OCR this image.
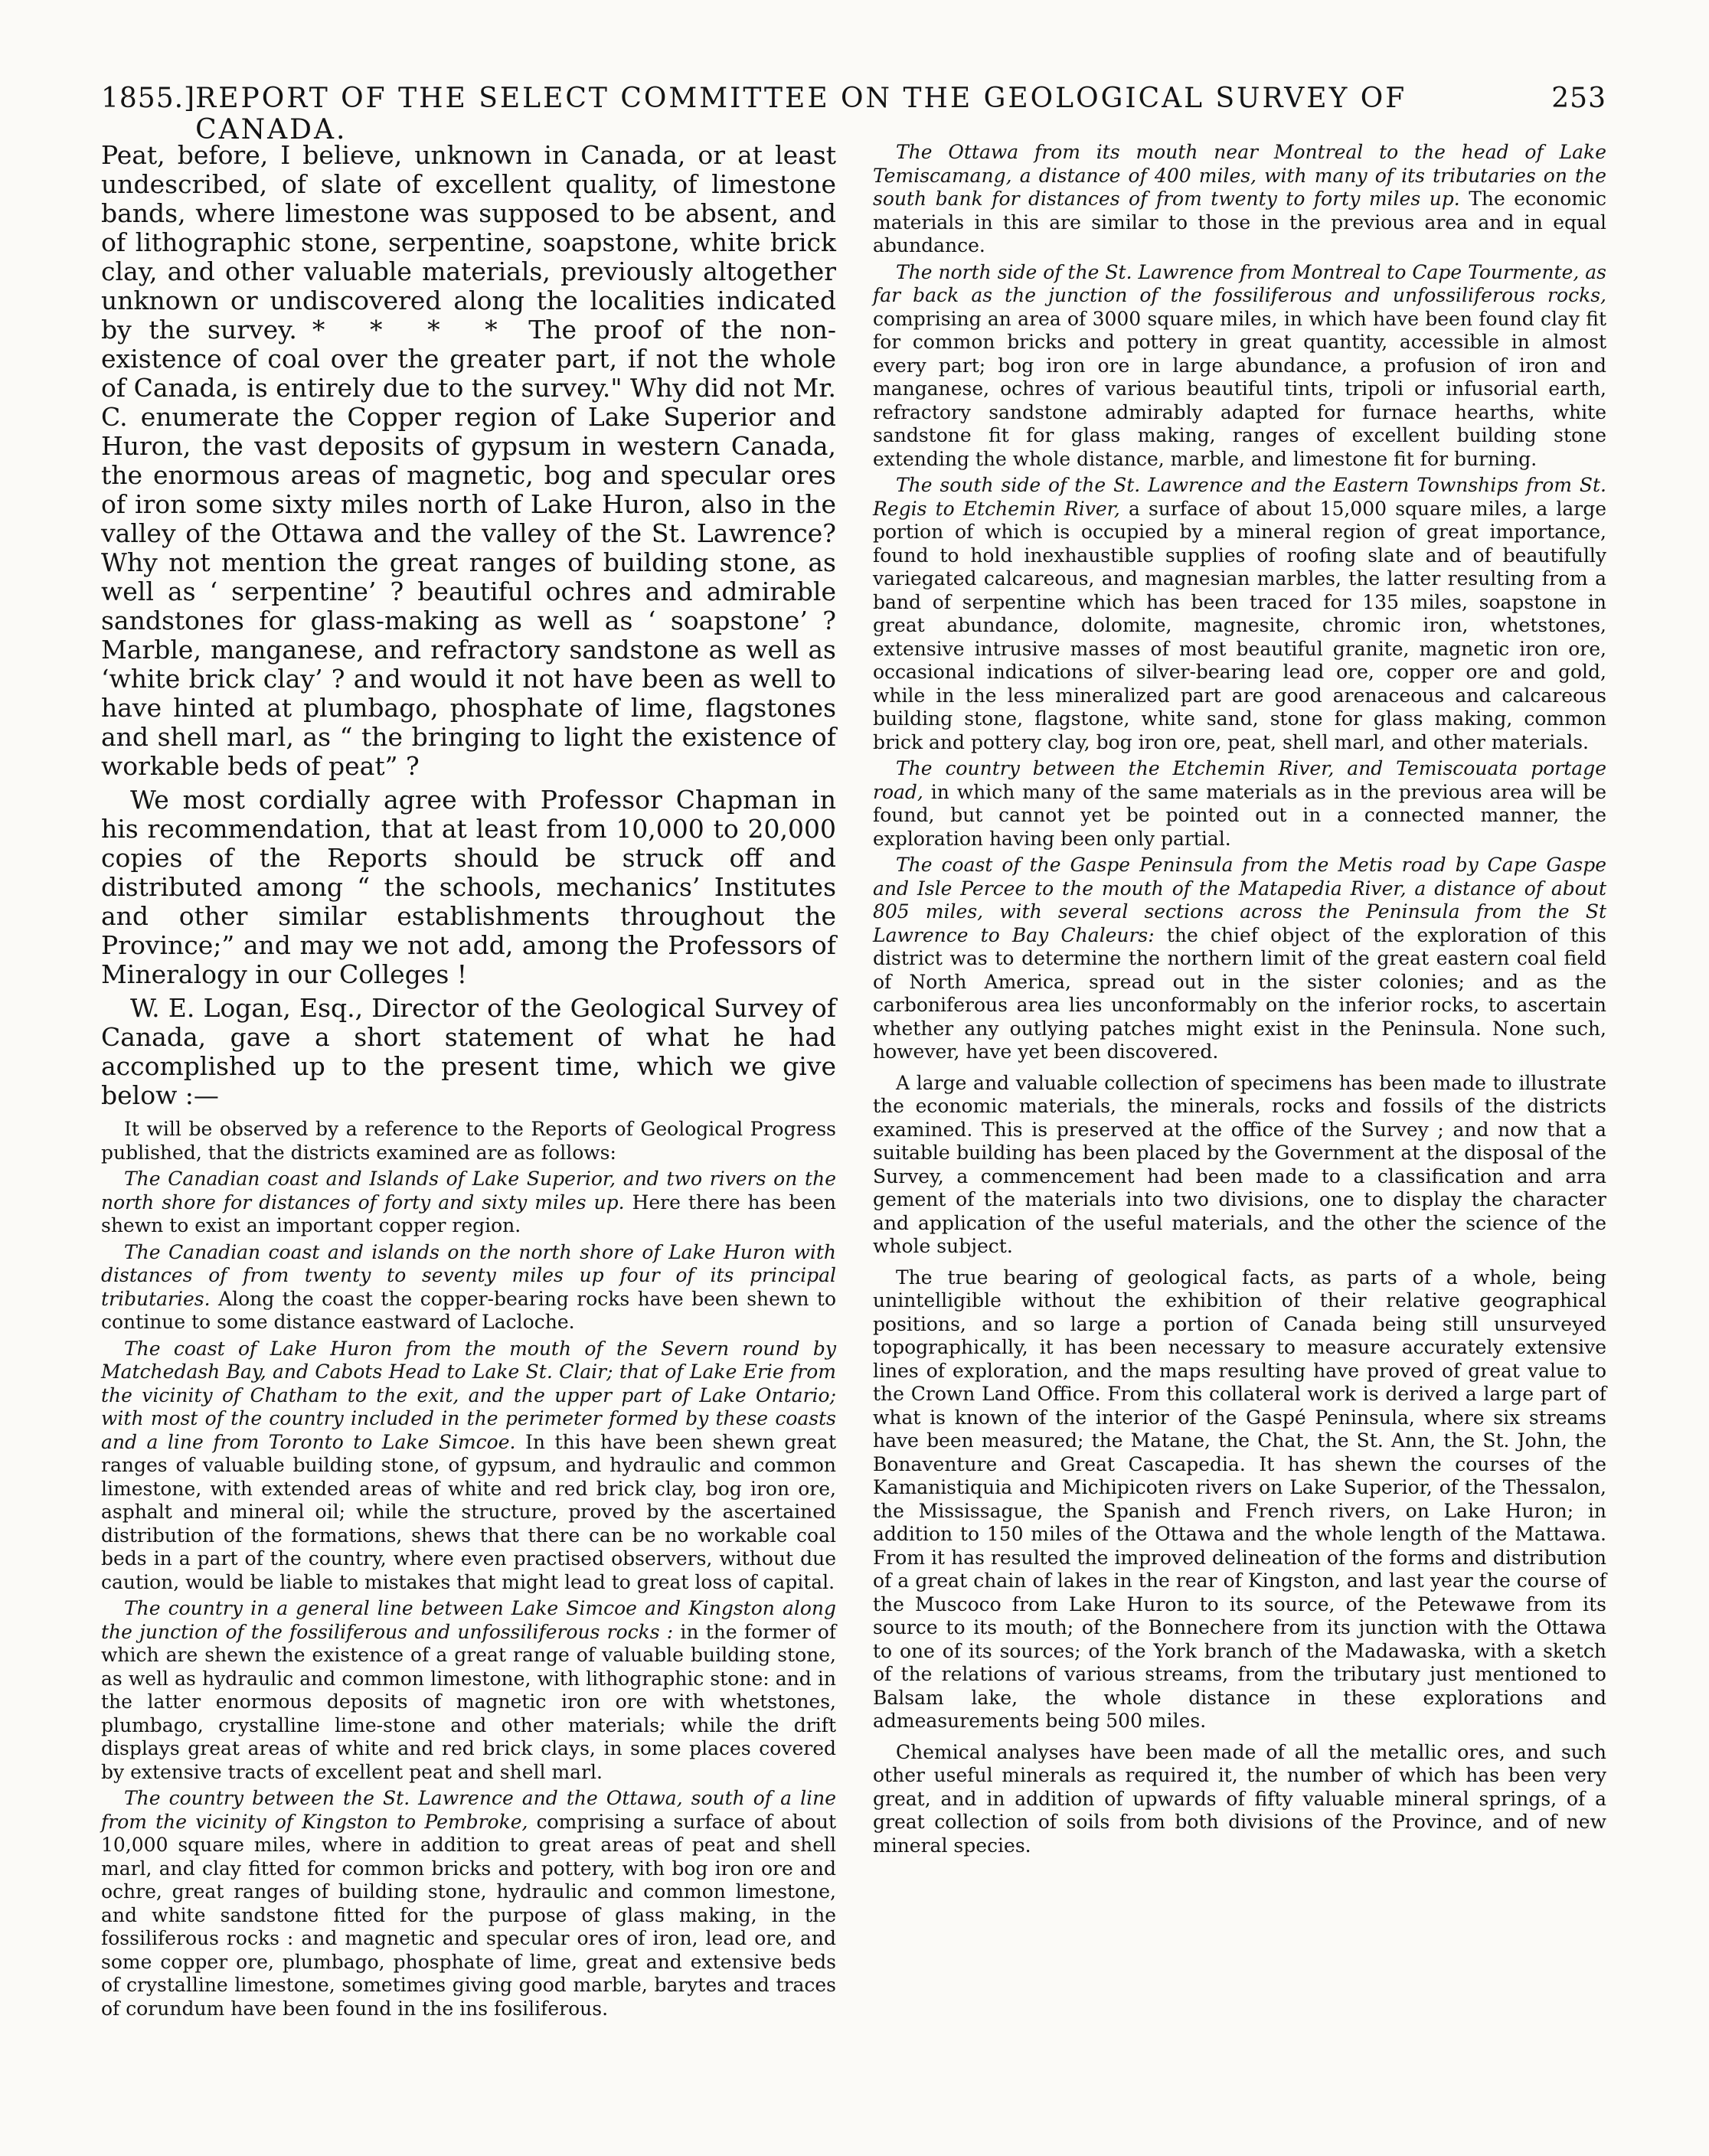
1855.] REPORT OF THE SELECT COMMITTEE ON THE GEOLOGICAL SURVEY OF CANADA.
253

Peat, before, I believe, unknown in Canada, or at least undescribed, of slate of excellent quality, of limestone bands, where limestone was supposed to be absent, and of lithographic stone, serpentine, soapstone, white brick clay, and other valuable materials, previously altogether unknown or undiscovered along the localities indicated by the survey. * * * * The proof of the non-existence of coal over the greater part, if not the whole of Canada, is entirely due to the survey." Why did not Mr. C. enumerate the Copper region of Lake Superior and Huron, the vast deposits of gypsum in western Canada, the enormous areas of magnetic, bog and specular ores of iron some sixty miles north of Lake Huron, also in the valley of the Ottawa and the valley of the St. Lawrence? Why not mention the great ranges of building stone, as well as ‘ serpentine’ ? beautiful ochres and admirable sandstones for glass-making as well as ‘ soapstone’ ? Marble, manganese, and refractory sandstone as well as ‘white brick clay’ ? and would it not have been as well to have hinted at plumbago, phosphate of lime, flagstones and shell marl, as “ the bringing to light the existence of workable beds of peat” ?

We most cordially agree with Professor Chapman in his recommendation, that at least from 10,000 to 20,000 copies of the Reports should be struck off and distributed among “ the schools, mechanics’ Institutes and other similar establishments throughout the Province;” and may we not add, among the Professors of Mineralogy in our Colleges !

W. E. Logan, Esq., Director of the Geological Survey of Canada, gave a short statement of what he had accomplished up to the present time, which we give below :—

It will be observed by a reference to the Reports of Geological Progress published, that the districts examined are as follows:

The Canadian coast and Islands of Lake Superior, and two rivers on the north shore for distances of forty and sixty miles up. Here there has been shewn to exist an important copper region.

The Canadian coast and islands on the north shore of Lake Huron with distances of from twenty to seventy miles up four of its principal tributaries. Along the coast the copper-bearing rocks have been shewn to continue to some distance eastward of Lacloche.

The coast of Lake Huron from the mouth of the Severn round by Matchedash Bay, and Cabots Head to Lake St. Clair; that of Lake Erie from the vicinity of Chatham to the exit, and the upper part of Lake Ontario; with most of the country included in the perimeter formed by these coasts and a line from Toronto to Lake Simcoe. In this have been shewn great ranges of valuable building stone, of gypsum, and hydraulic and common limestone, with extended areas of white and red brick clay, bog iron ore, asphalt and mineral oil; while the structure, proved by the ascertained distribution of the formations, shews that there can be no workable coal beds in a part of the country, where even practised observers, without due caution, would be liable to mistakes that might lead to great loss of capital.

The country in a general line between Lake Simcoe and Kingston along the junction of the fossiliferous and unfossiliferous rocks : in the former of which are shewn the existence of a great range of valuable building stone, as well as hydraulic and common limestone, with lithographic stone: and in the latter enormous deposits of magnetic iron ore with whetstones, plumbago, crystalline lime-stone and other materials; while the drift displays great areas of white and red brick clays, in some places covered by extensive tracts of excellent peat and shell marl.

The country between the St. Lawrence and the Ottawa, south of a line from the vicinity of Kingston to Pembroke, comprising a surface of about 10,000 square miles, where in addition to great areas of peat and shell marl, and clay fitted for common bricks and pottery, with bog iron ore and ochre, great ranges of building stone, hydraulic and common limestone, and white sandstone fitted for the purpose of glass making, in the fossiliferous rocks : and magnetic and specular ores of iron, lead ore, and some copper ore, plumbago, phosphate of lime, great and extensive beds of crystalline limestone, sometimes giving good marble, barytes and traces of corundum have been found in the ins fosiliferous.

The Ottawa from its mouth near Montreal to the head of Lake Temiscamang, a distance of 400 miles, with many of its tributaries on the south bank for distances of from twenty to forty miles up. The economic materials in this are similar to those in the previous area and in equal abundance.

The north side of the St. Lawrence from Montreal to Cape Tourmente, as far back as the junction of the fossiliferous and unfossiliferous rocks, comprising an area of 3000 square miles, in which have been found clay fit for common bricks and pottery in great quantity, accessible in almost every part; bog iron ore in large abundance, a profusion of iron and manganese, ochres of various beautiful tints, tripoli or infusorial earth, refractory sandstone admirably adapted for furnace hearths, white sandstone fit for glass making, ranges of excellent building stone extending the whole distance, marble, and limestone fit for burning.

The south side of the St. Lawrence and the Eastern Townships from St. Regis to Etchemin River, a surface of about 15,000 square miles, a large portion of which is occupied by a mineral region of great importance, found to hold inexhaustible supplies of roofing slate and of beautifully variegated calcareous, and magnesian marbles, the latter resulting from a band of serpentine which has been traced for 135 miles, soapstone in great abundance, dolomite, magnesite, chromic iron, whetstones, extensive intrusive masses of most beautiful granite, magnetic iron ore, occasional indications of silver-bearing lead ore, copper ore and gold, while in the less mineralized part are good arenaceous and calcareous building stone, flagstone, white sand, stone for glass making, common brick and pottery clay, bog iron ore, peat, shell marl, and other materials.

The country between the Etchemin River, and Temiscouata portage road, in which many of the same materials as in the previous area will be found, but cannot yet be pointed out in a connected manner, the exploration having been only partial.

The coast of the Gaspe Peninsula from the Metis road by Cape Gaspe and Isle Percee to the mouth of the Matapedia River, a distance of about 805 miles, with several sections across the Peninsula from the St Lawrence to Bay Chaleurs: the chief object of the exploration of this district was to determine the northern limit of the great eastern coal field of North America, spread out in the sister colonies; and as the carboniferous area lies unconformably on the inferior rocks, to ascertain whether any outlying patches might exist in the Peninsula. None such, however, have yet been discovered.

A large and valuable collection of specimens has been made to illustrate the economic materials, the minerals, rocks and fossils of the districts examined. This is preserved at the office of the Survey ; and now that a suitable building has been placed by the Government at the disposal of the Survey, a commencement had been made to a classification and arra gement of the materials into two divisions, one to display the character and application of the useful materials, and the other the science of the whole subject.

The true bearing of geological facts, as parts of a whole, being unintelligible without the exhibition of their relative geographical positions, and so large a portion of Canada being still unsurveyed topographically, it has been necessary to measure accurately extensive lines of exploration, and the maps resulting have proved of great value to the Crown Land Office. From this collateral work is derived a large part of what is known of the interior of the Gaspé Peninsula, where six streams have been measured; the Matane, the Chat, the St. Ann, the St. John, the Bonaventure and Great Cascapedia. It has shewn the courses of the Kamanistiquia and Michipicoten rivers on Lake Superior, of the Thessalon, the Mississague, the Spanish and French rivers, on Lake Huron; in addition to 150 miles of the Ottawa and the whole length of the Mattawa. From it has resulted the improved delineation of the forms and distribution of a great chain of lakes in the rear of Kingston, and last year the course of the Muscoco from Lake Huron to its source, of the Petewawe from its source to its mouth; of the Bonnechere from its junction with the Ottawa to one of its sources; of the York branch of the Madawaska, with a sketch of the relations of various streams, from the tributary just mentioned to Balsam lake, the whole distance in these explorations and admeasurements being 500 miles.

Chemical analyses have been made of all the metallic ores, and such other useful minerals as required it, the number of which has been very great, and in addition of upwards of fifty valuable mineral springs, of a great collection of soils from both divisions of the Province, and of new mineral species.
